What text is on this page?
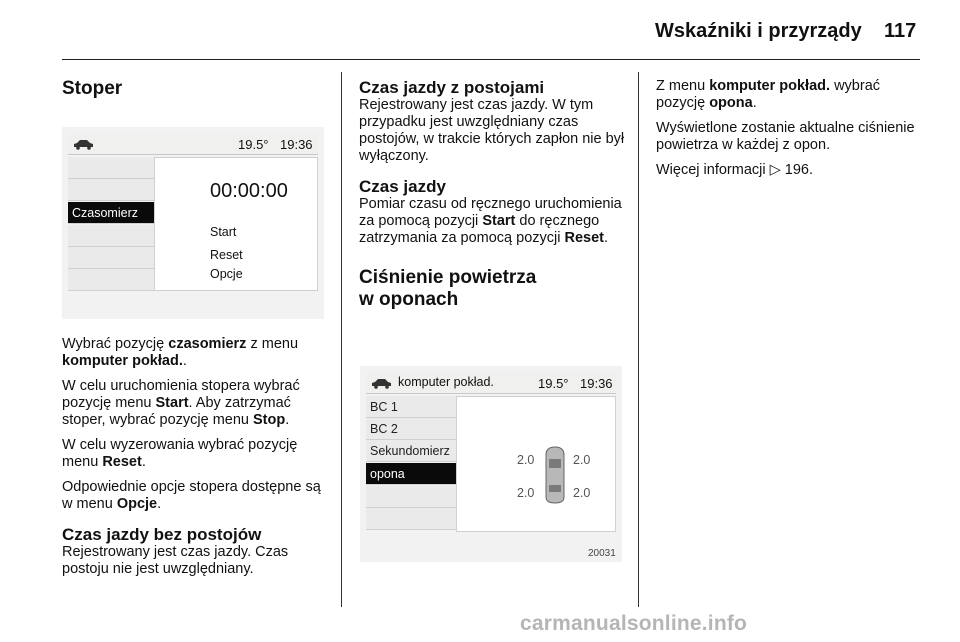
Wskaźniki i przyrządy 117
Stoper
19.5° 19:36
Czasomierz
00:00:00
Start
Reset
Opcje

Wybrać pozycję czasomierz z menu komputer pokład..

W celu uruchomienia stopera wybrać pozycję menu Start. Aby zatrzymać stoper, wybrać pozycję menu Stop.

W celu wyzerowania wybrać pozycję menu Reset.

Odpowiednie opcje stopera dostępne są w menu Opcje.

Czas jazdy bez postojów

Rejestrowany jest czas jazdy. Czas postoju nie jest uwzględniany.

Czas jazdy z postojami

Rejestrowany jest czas jazdy. W tym przypadku jest uwzględniany czas postojów, w trakcie których zapłon nie był wyłączony.

Czas jazdy

Pomiar czasu od ręcznego uruchomienia za pomocą pozycji Start do ręcznego zatrzymania za pomocą pozycji Reset.

Ciśnienie powietrza
w oponach
komputer pokład.	19.5° 19:36
BC 1
BC 2
Sekundomierz
opona
2.0	2.0
2.0	2.0
20031

Z menu komputer pokład. wybrać pozycję opona.

Wyświetlone zostanie aktualne ciśnienie powietrza w każdej z opon.

Więcej informacji ▷ 196.

carmanualsonline.info
